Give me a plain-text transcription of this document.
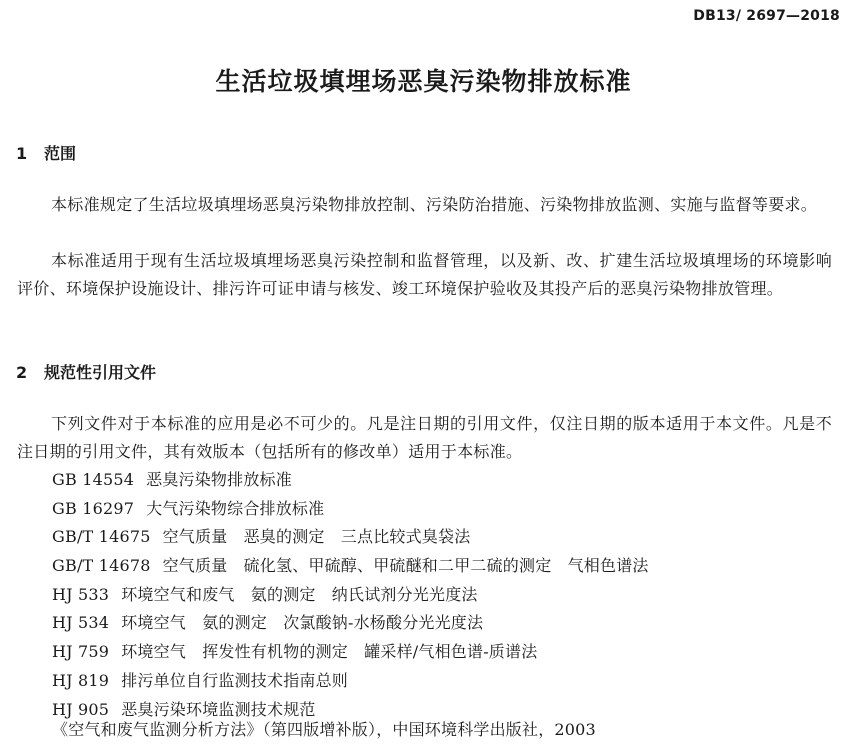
DB13/ 2697—2018
生活垃圾填埋场恶臭污染物排放标准
1 范围
本标准规定了生活垃圾填埋场恶臭污染物排放控制、污染防治措施、污染物排放监测、实施与监督等要求。
本标准适用于现有生活垃圾填埋场恶臭污染控制和监督管理，以及新、改、扩建生活垃圾填埋场的环境影响评价、环境保护设施设计、排污许可证申请与核发、竣工环境保护验收及其投产后的恶臭污染物排放管理。
2 规范性引用文件
下列文件对于本标准的应用是必不可少的。凡是注日期的引用文件，仅注日期的版本适用于本文件。凡是不注日期的引用文件，其有效版本（包括所有的修改单）适用于本标准。
GB 14554 恶臭污染物排放标准
GB 16297 大气污染物综合排放标准
GB/T 14675 空气质量　恶臭的测定　三点比较式臭袋法
GB/T 14678 空气质量　硫化氢、甲硫醇、甲硫醚和二甲二硫的测定　气相色谱法
HJ 533 环境空气和废气　氨的测定　纳氏试剂分光光度法
HJ 534 环境空气　氨的测定　次氯酸钠-水杨酸分光光度法
HJ 759 环境空气　挥发性有机物的测定　罐采样/气相色谱-质谱法
HJ 819 排污单位自行监测技术指南总则
HJ 905 恶臭污染环境监测技术规范
《空气和废气监测分析方法》（第四版增补版），中国环境科学出版社，2003
